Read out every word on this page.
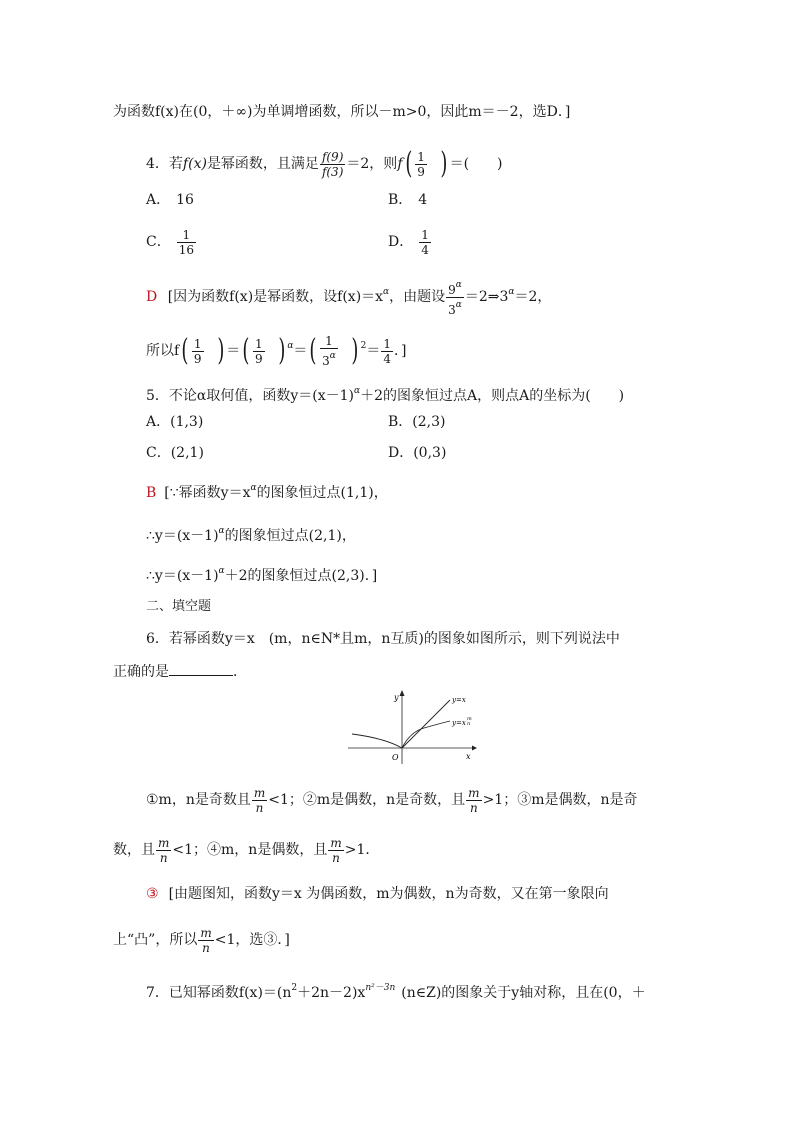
为函数f(x)在(0，＋∞)为单调增函数，所以－m>0，因此m＝－2，选D．]
4．若f(x)是幂函数，且满足 $\frac{f(9)}{f(3)} =2$，则$f( \frac{1}{9}$ ) ＝(　　)
A． 16	B． 4
C． $\frac{1}{16}$	D． $\frac{1}{4}$
D [因为函数f(x)是幂函数，设$f(x)=x^\alpha$，由题设 $\frac{9^\alpha}{3^\alpha}$ $=2\Rightarrow 3^\alpha=2$，
所以$f( \frac{1}{9}$ ) ＝( $\frac{1}{9}$ ) $^\alpha=( \frac{1}{3^\alpha}$ ) $^2= \frac{1}{4}$ ．]
5．不论α取何值，函数$y=(x-1)^\alpha+2$的图象恒过点A，则点A的坐标为(　　)
A．(1,3)	B．(2,3)
C．(2,1)	D．(0,3)
B [∵幂函数$y=x^\alpha$的图象恒过点(1,1)，
$\therefore y=(x-1)^\alpha$的图象恒过点(2,1)，
$\therefore y=(x-1)^\alpha+2$的图象恒过点(2,3)．]
二、填空题
6．若幂函数y＝x　(m，n∈N*且m，n互质)的图象如图所示，则下列说法中
正确的是	．
y
x
O
y=x
y=x m
n
①m，n是奇数且 $\frac{m}{n} <1$；②m是偶数，n是奇数，且 $\frac{m}{n} >1$；③m是偶数，n是奇
数，且 $\frac{m}{n} <1$；④m，n是偶数，且 $\frac{m}{n} >1$．
③ [由题图知，函数y＝x 为偶函数，m为偶数，n为奇数，又在第一象限向
上“凸”，所以 $\frac{m}{n} <1$，选③．]
7．已知幂函数$f(x)=(n^2+2n-2)x^{n^2-3n}$ (n∈Z)的图象关于y轴对称，且在(0，＋
